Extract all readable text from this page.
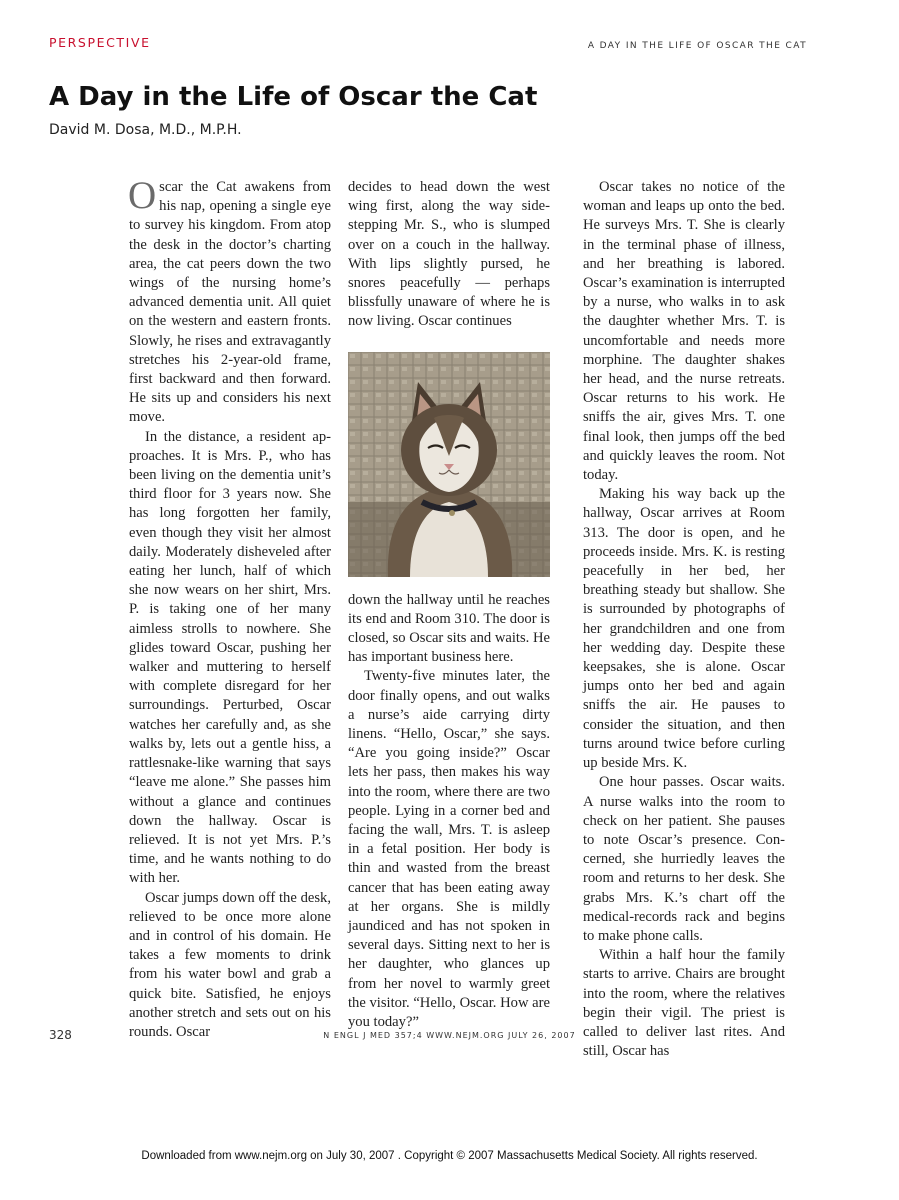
PERSPECTIVE	A DAY IN THE LIFE OF OSCAR THE CAT
A Day in the Life of Oscar the Cat
David M. Dosa, M.D., M.P.H.

Oscar the Cat awakens from his nap, opening a single eye to survey his kingdom. From atop the desk in the doctor’s charting area, the cat peers down the two wings of the nursing home’s advanced dementia unit. All quiet on the western and eastern fronts. Slowly, he rises and extravagantly stretches his 2-year-old frame, first backward and then forward. He sits up and considers his next move.

In the distance, a resident approaches. It is Mrs. P., who has been living on the dementia unit’s third floor for 3 years now. She has long forgotten her family, even though they visit her almost daily. Moderately disheveled after eating her lunch, half of which she now wears on her shirt, Mrs. P. is taking one of her many aimless strolls to nowhere. She glides toward Oscar, pushing her walker and muttering to herself with complete disregard for her surroundings. Perturbed, Oscar watches her carefully and, as she walks by, lets out a gentle hiss, a rattlesnake-like warning that says “leave me alone.” She passes him without a glance and continues down the hallway. Oscar is relieved. It is not yet Mrs. P.’s time, and he wants nothing to do with her.

Oscar jumps down off the desk, relieved to be once more alone and in control of his domain. He takes a few moments to drink from his water bowl and grab a quick bite. Satisfied, he enjoys another stretch and sets out on his rounds. Oscar

decides to head down the west wing first, along the way sidestepping Mr. S., who is slumped over on a couch in the hallway. With lips slightly pursed, he snores peacefully — perhaps blissfully unaware of where he is now living. Oscar continues

down the hallway until he reaches its end and Room 310. The door is closed, so Oscar sits and waits. He has important business here.

Twenty-five minutes later, the door finally opens, and out walks a nurse’s aide carrying dirty linens. “Hello, Oscar,” she says. “Are you going inside?” Oscar lets her pass, then makes his way into the room, where there are two people. Lying in a corner bed and facing the wall, Mrs. T. is asleep in a fetal position. Her body is thin and wasted from the breast cancer that has been eating away at her organs. She is mildly jaundiced and has not spoken in several days. Sitting next to her is her daughter, who glances up from her novel to warmly greet the visitor. “Hello, Oscar. How are you today?”

Oscar takes no notice of the woman and leaps up onto the bed. He surveys Mrs. T. She is clearly in the terminal phase of illness, and her breathing is labored. Oscar’s examination is interrupted by a nurse, who walks in to ask the daughter whether Mrs. T. is uncomfortable and needs more morphine. The daughter shakes her head, and the nurse retreats. Oscar returns to his work. He sniffs the air, gives Mrs. T. one final look, then jumps off the bed and quickly leaves the room. Not today.

Making his way back up the hallway, Oscar arrives at Room 313. The door is open, and he proceeds inside. Mrs. K. is resting peacefully in her bed, her breathing steady but shallow. She is surrounded by photographs of her grandchildren and one from her wedding day. Despite these keepsakes, she is alone. Oscar jumps onto her bed and again sniffs the air. He pauses to consider the situation, and then turns around twice before curling up beside Mrs. K.

One hour passes. Oscar waits. A nurse walks into the room to check on her patient. She pauses to note Oscar’s presence. Concerned, she hurriedly leaves the room and returns to her desk. She grabs Mrs. K.’s chart off the medical-records rack and begins to make phone calls.

Within a half hour the family starts to arrive. Chairs are brought into the room, where the relatives begin their vigil. The priest is called to deliver last rites. And still, Oscar has

328	N ENGL J MED 357;4 WWW.NEJM.ORG JULY 26, 2007
Downloaded from www.nejm.org on July 30, 2007 . Copyright © 2007 Massachusetts Medical Society. All rights reserved.
